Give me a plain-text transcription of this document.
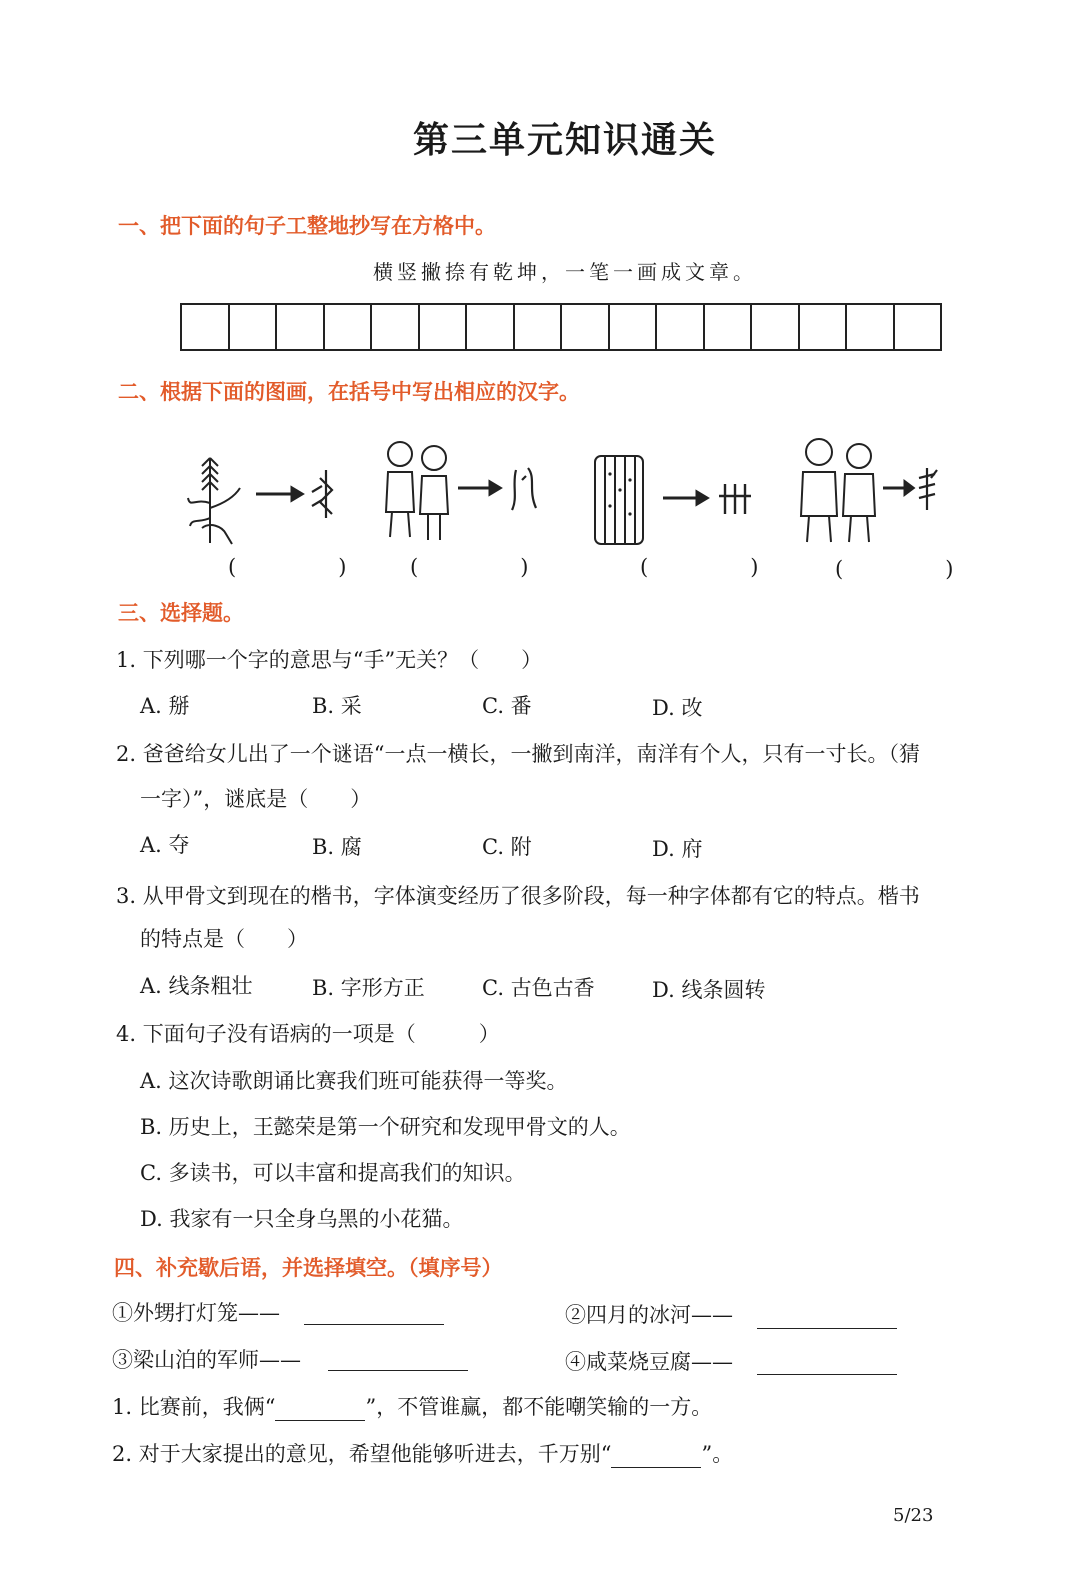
第三单元知识通关
一、把下面的句子工整地抄写在方格中。
横竖撇捺有乾坤，一笔一画成文章。
二、根据下面的图画，在括号中写出相应的汉字。
(　　) (　　)	(　　)	(　　)
三、选择题。
1. 下列哪一个字的意思与“手”无关？（　　）
A. 掰	B. 采	C. 番	D. 改
2. 爸爸给女儿出了一个谜语“一点一横长，一撇到南洋，南洋有个人，只有一寸长。（猜
一字）”，谜底是（　　）
A. 夺	B. 腐	C. 附	D. 府
3. 从甲骨文到现在的楷书，字体演变经历了很多阶段，每一种字体都有它的特点。楷书
的特点是（　　）
A. 线条粗壮	B. 字形方正	C. 古色古香	D. 线条圆转
4. 下面句子没有语病的一项是（　　　）
A. 这次诗歌朗诵比赛我们班可能获得一等奖。
B. 历史上，王懿荣是第一个研究和发现甲骨文的人。
C. 多读书，可以丰富和提高我们的知识。
D. 我家有一只全身乌黑的小花猫。
四、补充歇后语，并选择填空。（填序号）
①外甥打灯笼——	②四月的冰河——
③梁山泊的军师——	④咸菜烧豆腐——
1. 比赛前，我俩“	”，不管谁赢，都不能嘲笑输的一方。
2. 对于大家提出的意见，希望他能够听进去，千万别“	”。
5/23
